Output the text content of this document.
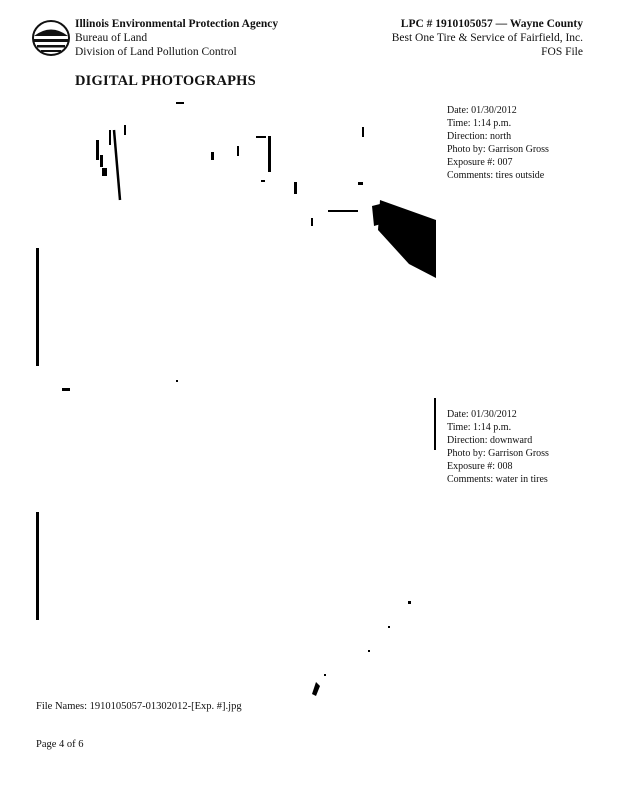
Illinois Environmental Protection Agency
Bureau of Land
Division of Land Pollution Control
LPC # 1910105057 — Wayne County
Best One Tire & Service of Fairfield, Inc.
FOS File
DIGITAL PHOTOGRAPHS
Date: 01/30/2012
Time: 1:14 p.m.
Direction: north
Photo by: Garrison Gross
Exposure #: 007
Comments: tires outside
Date: 01/30/2012
Time: 1:14 p.m.
Direction: downward
Photo by: Garrison Gross
Exposure #: 008
Comments: water in tires
File Names: 1910105057-01302012-[Exp. #].jpg
Page 4 of 6
